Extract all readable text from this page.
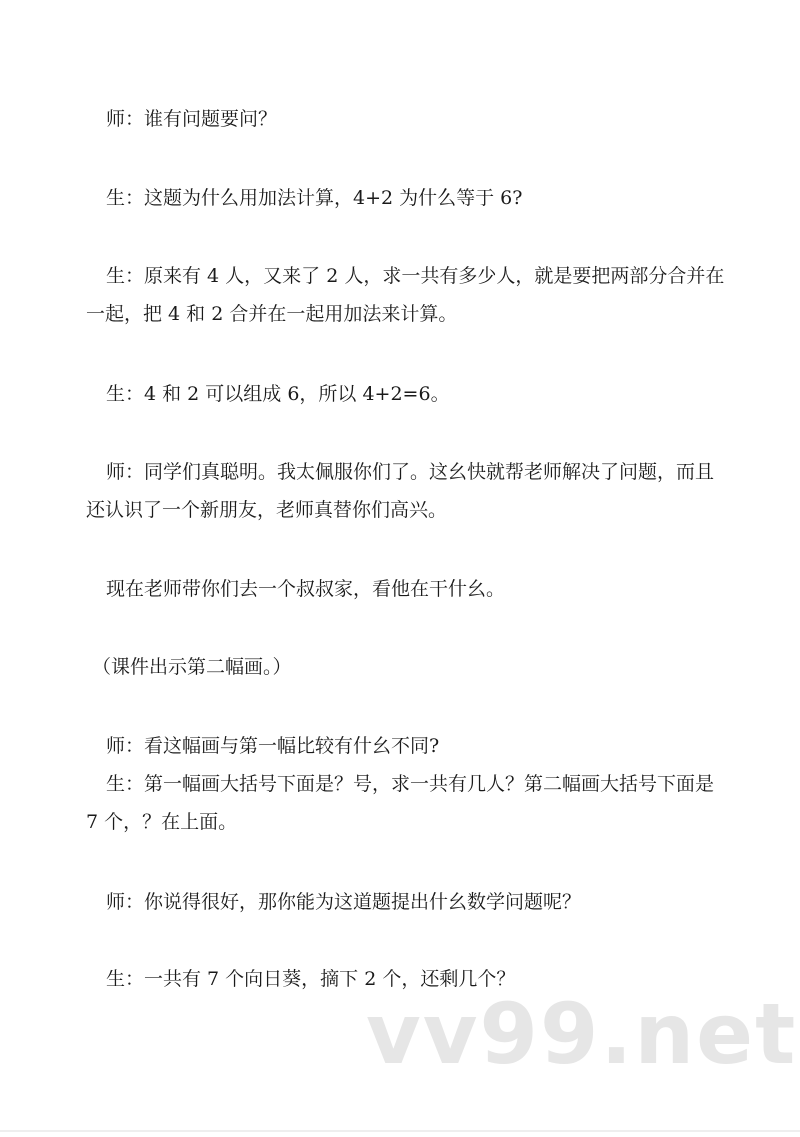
师：谁有问题要问？

生：这题为什么用加法计算，4+2 为什么等于 6?

生：原来有 4 人，又来了 2 人，求一共有多少人，就是要把两部分合并在
一起，把 4 和 2 合并在一起用加法来计算。

生：4 和 2 可以组成 6，所以 4+2=6。

师：同学们真聪明。我太佩服你们了。这幺快就帮老师解决了问题，而且
还认识了一个新朋友，老师真替你们高兴。

现在老师带你们去一个叔叔家，看他在干什幺。

（课件出示第二幅画。）

师：看这幅画与第一幅比较有什幺不同?

生：第一幅画大括号下面是？号，求一共有几人？第二幅画大括号下面是
7 个，？在上面。

师：你说得很好，那你能为这道题提出什幺数学问题呢？

生：一共有 7 个向日葵，摘下 2 个，还剩几个？

vv99.net
